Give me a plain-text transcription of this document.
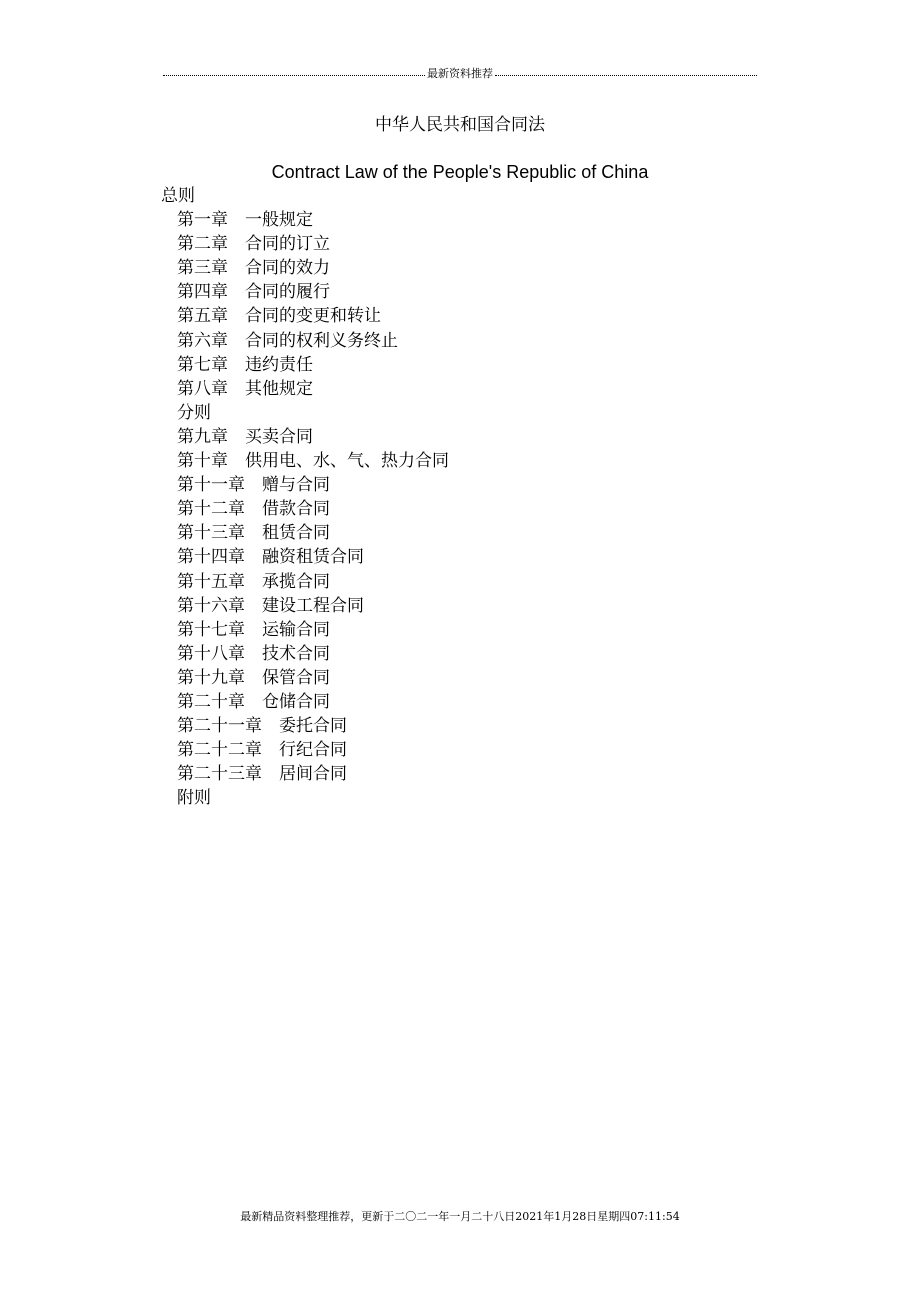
最新资料推荐
中华人民共和国合同法
Contract Law of the People's Republic of China
总则
第一章 一般规定
第二章 合同的订立
第三章 合同的效力
第四章 合同的履行
第五章 合同的变更和转让
第六章 合同的权利义务终止
第七章 违约责任
第八章 其他规定
分则
第九章 买卖合同
第十章 供用电、水、气、热力合同
第十一章 赠与合同
第十二章 借款合同
第十三章 租赁合同
第十四章 融资租赁合同
第十五章 承揽合同
第十六章 建设工程合同
第十七章 运输合同
第十八章 技术合同
第十九章 保管合同
第二十章 仓储合同
第二十一章 委托合同
第二十二章 行纪合同
第二十三章 居间合同
附则
最新精品资料整理推荐，更新于二〇二一年一月二十八日2021年1月28日星期四07:11:54
